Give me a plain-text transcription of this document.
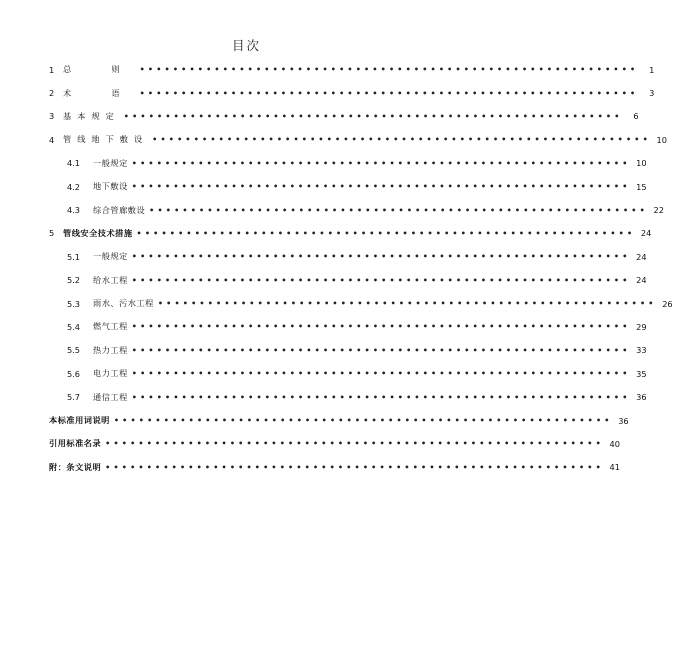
目次
1	总　则 ••••••••••••••••••••••••••••••••••••••••••••••••••••••••••••	1
2	术　语 ••••••••••••••••••••••••••••••••••••••••••••••••••••••••••••	3
3	基本规定 ••••••••••••••••••••••••••••••••••••••••••••••••••••••••••••	6
4	管线地下敷设 •••••••••••••••••••••••••••••••••••••••••••••••••••••••••••• 10
4.1	一般规定 •••••••••••••••••••••••••••••••••••••••••••••••••••••••••••• 10
4.2	地下敷设 •••••••••••••••••••••••••••••••••••••••••••••••••••••••••••• 15
4.3	综合管廊敷设 •••••••••••••••••••••••••••••••••••••••••••••••••••••••••••• 22
5	管线安全技术措施 •••••••••••••••••••••••••••••••••••••••••••••••••••••••••••• 24
5.1	一般规定 •••••••••••••••••••••••••••••••••••••••••••••••••••••••••••• 24
5.2	给水工程 •••••••••••••••••••••••••••••••••••••••••••••••••••••••••••• 24
5.3	雨水、污水工程 •••••••••••••••••••••••••••••••••••••••••••••••••••••••••••• 26
5.4	燃气工程 •••••••••••••••••••••••••••••••••••••••••••••••••••••••••••• 29
5.5	热力工程 •••••••••••••••••••••••••••••••••••••••••••••••••••••••••••• 33
5.6	电力工程 •••••••••••••••••••••••••••••••••••••••••••••••••••••••••••• 35
5.7	通信工程 •••••••••••••••••••••••••••••••••••••••••••••••••••••••••••• 36
本标准用词说明 •••••••••••••••••••••••••••••••••••••••••••••••••••••••••••• 36
引用标准名录 •••••••••••••••••••••••••••••••••••••••••••••••••••••••••••• 40
附：条文说明 •••••••••••••••••••••••••••••••••••••••••••••••••••••••••••• 41
